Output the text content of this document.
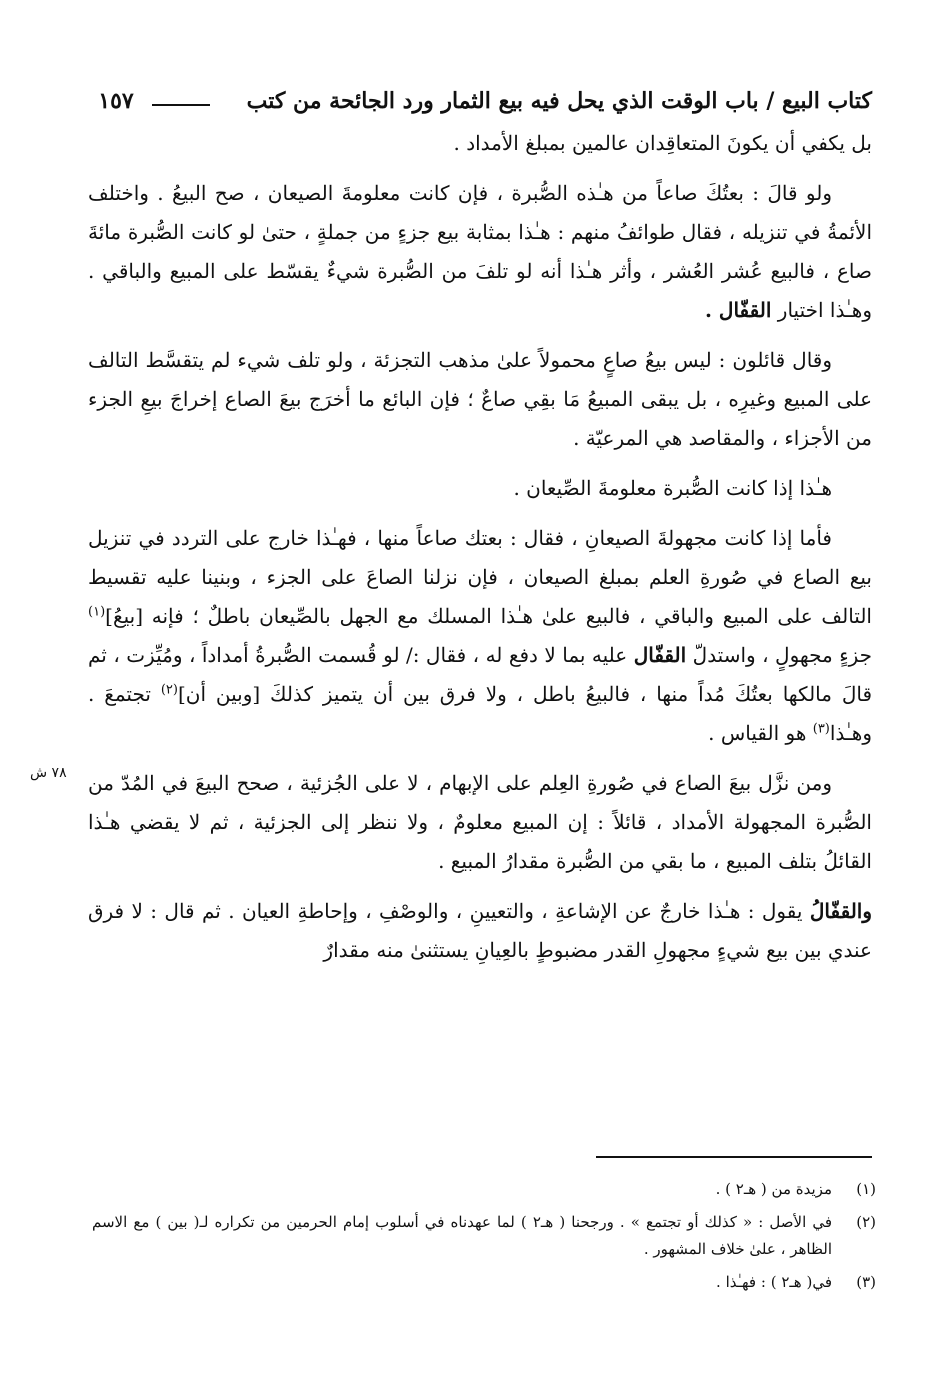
كتاب البيع / باب الوقت الذي يحل فيه بيع الثمار ورد الجائحة من كتب
١٥٧

بل يكفي أن يكونَ المتعاقِدان عالمين بمبلغ الأمداد .

ولو قالَ : بعتُكَ صاعاً من هـٰذه الصُّبرة ، فإن كانت معلومةَ الصيعان ، صح البيعُ . واختلف الأئمةُ في تنزيله ، فقال طوائفُ منهم : هـٰذا بمثابة بيع جزءٍ من جملةٍ ، حتىٰ لو كانت الصُّبرة مائةَ صاع ، فالبيع عُشر العُشر ، وأثر هـٰذا أنه لو تلفَ من الصُّبرة شيءٌ يقسّط على المبيع والباقي . وهـٰذا اختيار القفّال .

وقال قائلون : ليس بيعُ صاعٍ محمولاً علىٰ مذهب التجزئة ، ولو تلف شيء لم يتقسَّط التالف على المبيع وغيرِه ، بل يبقى المبيعُ مَا بقِي صاعٌ ؛ فإن البائع ما أخرَج بيعَ الصاع إخراجَ بيعِ الجزء من الأجزاء ، والمقاصد هي المرعيّة .

هـٰذا إذا كانت الصُّبرة معلومةَ الصِّيعان .

فأما إذا كانت مجهولةَ الصيعانِ ، فقال : بعتك صاعاً منها ، فهـٰذا خارج على التردد في تنزيل بيع الصاع في صُورةِ العلم بمبلغ الصيعان ، فإن نزلنا الصاعَ على الجزء ، وبنينا عليه تقسيط التالف على المبيع والباقي ، فالبيع علىٰ هـٰذا المسلك مع الجهل بالصِّيعان باطلٌ ؛ فإنه [بيعُ]$^{(١)}$ جزءٍ مجهولٍ ، واستدلّ القفّال عليه بما لا دفع له ، فقال :/ لو قُسمت الصُّبرةُ أمداداً ، ومُيِّزت ، ثم قالَ مالكها بعتُكَ مُداً منها ، فالبيعُ باطل ، ولا فرق بين أن يتميز كذلكَ [وبين أن]$^{(٢)}$ تجتمعَ . وهـٰذا$^{(٣)}$ هو القياس .

ومن نزَّل بيعَ الصاع في صُورةِ العِلم على الإبهام ، لا على الجُزئية ، صحح البيعَ في المُدّ من الصُّبرة المجهولة الأمداد ، قائلاً : إن المبيع معلومٌ ، ولا ننظر إلى الجزئية ، ثم لا يقضي هـٰذا القائلُ بتلف المبيع ، ما بقي من الصُّبرة مقدارُ المبيع .

والقفّالُ يقول : هـٰذا خارجٌ عن الإشاعةِ ، والتعيينِ ، والوصْفِ ، وإحاطةِ العيان . ثم قال : لا فرق عندي بين بيع شيءٍ مجهولِ القدر مضبوطٍ بالعِيانِ يستثنىٰ منه مقدارٌ

٧٨ ش
(١)
مزيدة من ( هـ٢ ) .
(٢)
في الأصل : « كذلك أو تجتمع » . ورجحنا ( هـ٢ ) لما عهدناه في أسلوب إمام الحرمين من تكراره لـ( بين ) مع الاسم الظاهر ، علىٰ خلاف المشهور .
(٣)
في( هـ٢ ) : فهـٰذا .
